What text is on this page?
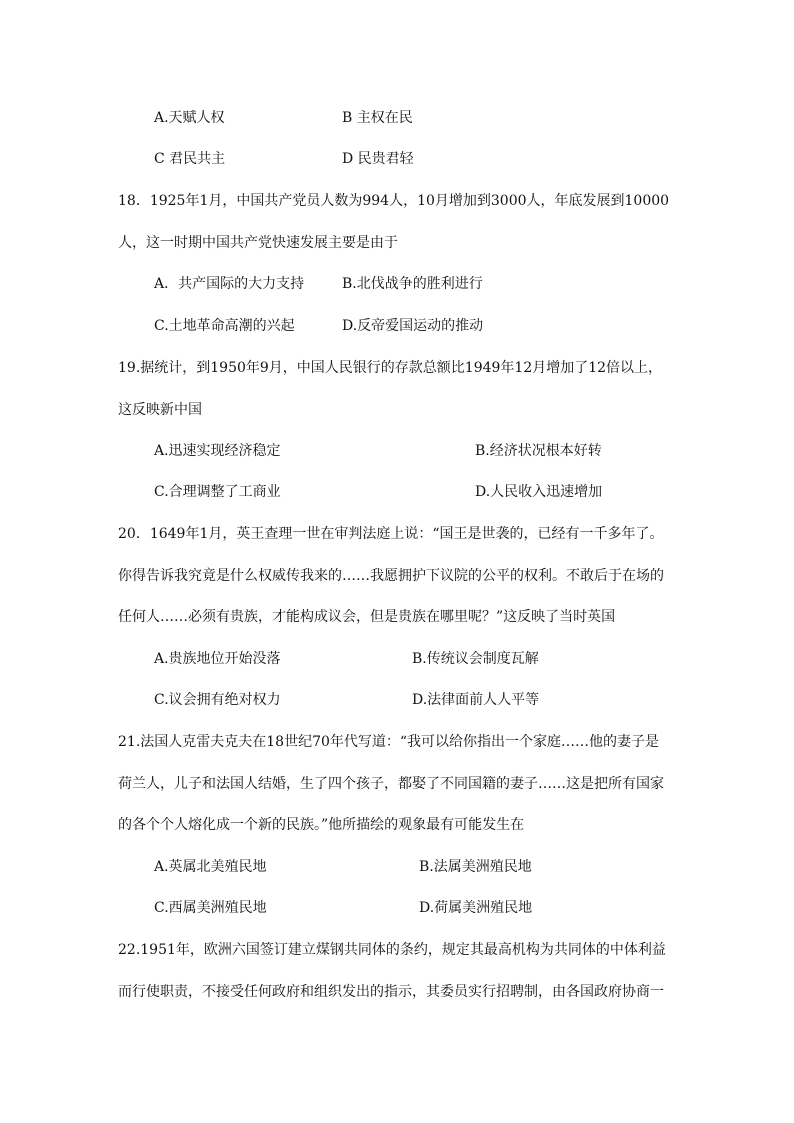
A.天赋人权	B 主权在民
C 君民共主	D 民贵君轻
18．1925年1月，中国共产党员人数为994人，10月增加到3000人，年底发展到10000
人，这一时期中国共产党快速发展主要是由于
A．共产国际的大力支持	B.北伐战争的胜利进行
C.土地革命高潮的兴起	D.反帝爱国运动的推动
19.据统计，到1950年9月，中国人民银行的存款总额比1949年12月增加了12倍以上，
这反映新中国
A.迅速实现经济稳定	B.经济状况根本好转
C.合理调整了工商业	D.人民收入迅速增加
20．1649年1月，英王查理一世在审判法庭上说：“国王是世袭的，已经有一千多年了。
你得告诉我究竟是什么权威传我来的……我愿拥护下议院的公平的权利。不敢后于在场的
任何人……必须有贵族，才能构成议会，但是贵族在哪里呢？”这反映了当时英国
A.贵族地位开始没落	B.传统议会制度瓦解
C.议会拥有绝对权力	D.法律面前人人平等
21.法国人克雷夫克夫在18世纪70年代写道：“我可以给你指出一个家庭……他的妻子是
荷兰人，儿子和法国人结婚，生了四个孩子，都娶了不同国籍的妻子……这是把所有国家
的各个个人熔化成一个新的民族。”他所描绘的观象最有可能发生在
A.英属北美殖民地	B.法属美洲殖民地
C.西属美洲殖民地	D.荷属美洲殖民地
22.1951年，欧洲六国签订建立煤钢共同体的条约，规定其最高机构为共同体的中体利益
而行使职责，不接受任何政府和组织发出的指示，其委员实行招聘制，由各国政府协商一
